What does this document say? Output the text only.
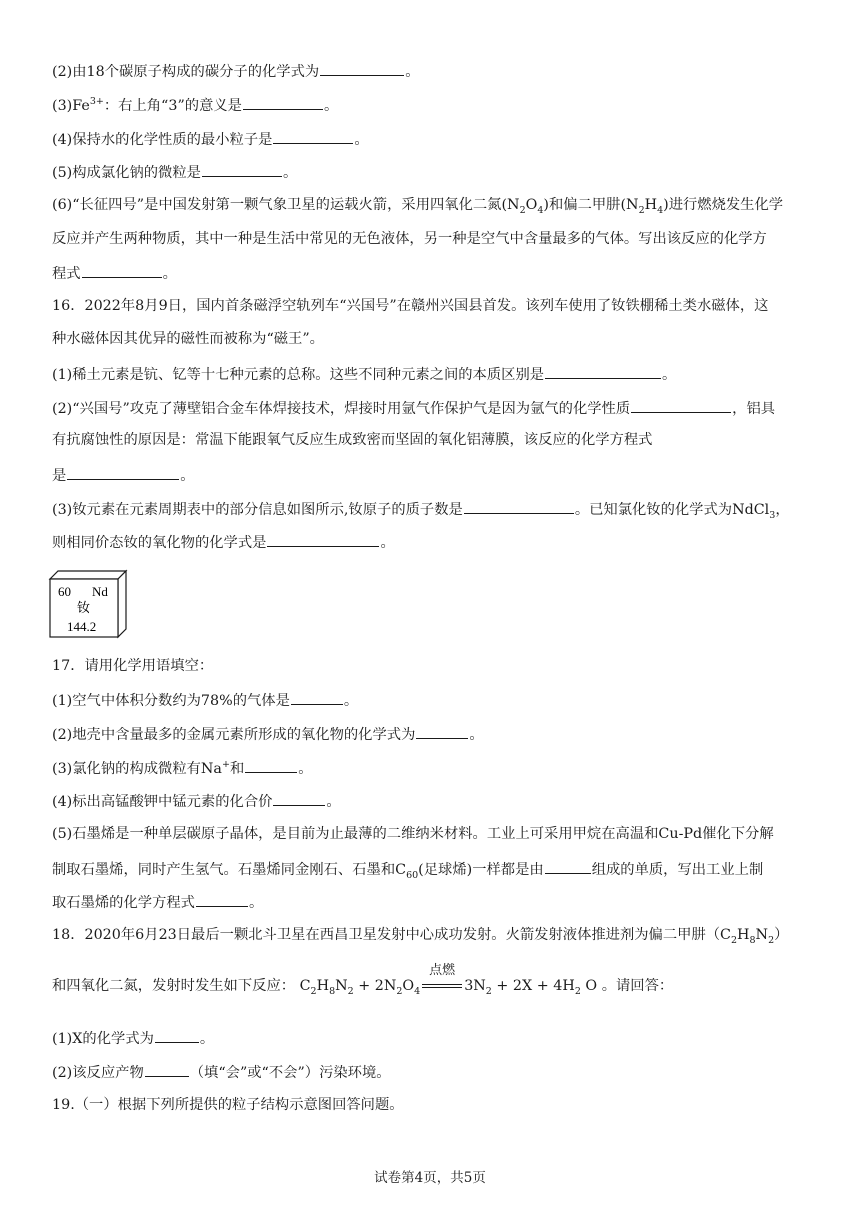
(2)由18个碳原子构成的碳分子的化学式为	。
$(3)Fe^{3+}$：右上角“3”的意义是	。
(4)保持水的化学性质的最小粒子是	。
(5)构成氯化钠的微粒是	。
(6)“长征四号”是中国发射第一颗气象卫星的运载火箭，采用四氧化二氮$(N_2O_4)$和偏二甲肼$(N_2H_4)$进行燃烧发生化学
反应并产生两种物质，其中一种是生活中常见的无色液体，另一种是空气中含量最多的气体。写出该反应的化学方
程式	。
16．2022年8月9日，国内首条磁浮空轨列车“兴国号”在赣州兴国县首发。该列车使用了钕铁棚稀土类水磁体，这
种水磁体因其优异的磁性而被称为“磁王”。
(1)稀土元素是钪、钇等十七种元素的总称。这些不同种元素之间的本质区别是	。
(2)“兴国号”攻克了薄壁铝合金车体焊接技术，焊接时用氩气作保护气是因为氩气的化学性质	，铝具
有抗腐蚀性的原因是：常温下能跟氧气反应生成致密而坚固的氧化铝薄膜，该反应的化学方程式
是	。
(3)钕元素在元素周期表中的部分信息如图所示,钕原子的质子数是	。已知氯化钕的化学式为NdCl$_3$，
则相同价态钕的氧化物的化学式是	。
60 Nd
钕
144.2
17．请用化学用语填空：
(1)空气中体积分数约为78%的气体是	。
(2)地壳中含量最多的金属元素所形成的氧化物的化学式为	。
(3)氯化钠的构成微粒有Na+和	。
(4)标出高锰酸钾中锰元素的化合价	。
(5)石墨烯是一种单层碳原子晶体，是目前为止最薄的二维纳米材料。工业上可采用甲烷在高温和Cu-Pd催化下分解
制取石墨烯，同时产生氢气。石墨烯同金刚石、石墨和$C_{60}$(足球烯)一样都是由	组成的单质，写出工业上制
取石墨烯的化学方程式	。
18．2020年6月23日最后一颗北斗卫星在西昌卫星发射中心成功发射。火箭发射液体推进剂为偏二甲肼$(C_2H_8N_2)$
和四氧化二氮，发射时发生如下反应： $C_2H_8N_2 + 2N_2O_4$
点燃
$3N_2 + 2X + 4H_2$ O 。请回答：
(1)X的化学式为	。
(2)该反应产物	（填“会”或“不会”）污染环境。
19.（一）根据下列所提供的粒子结构示意图回答问题。
试卷第4页，共5页
